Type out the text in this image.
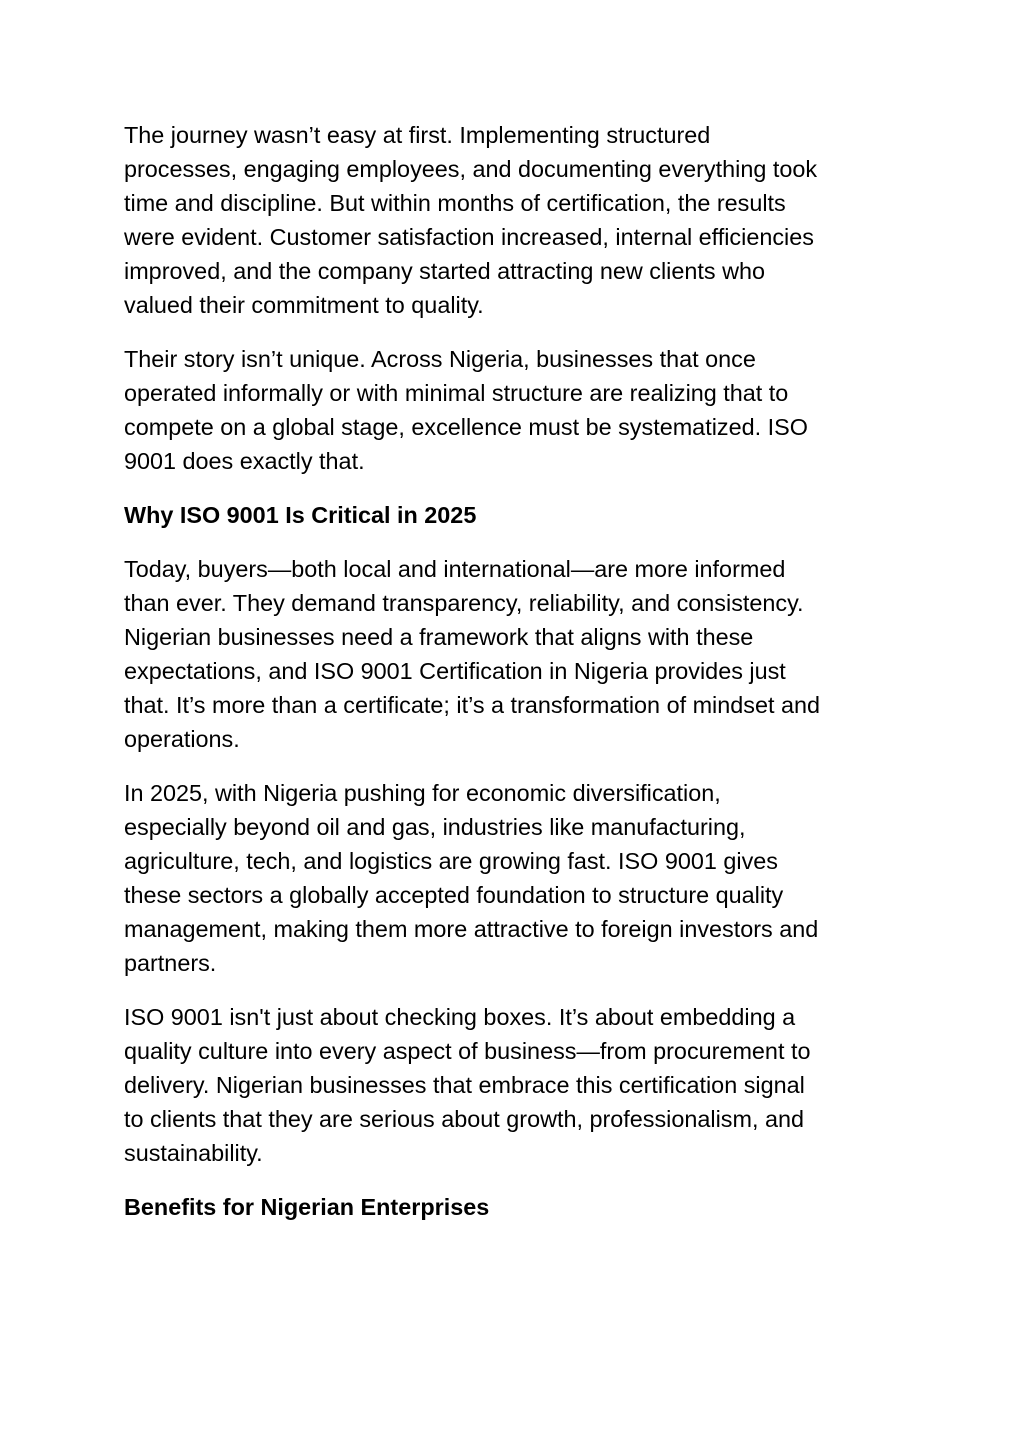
The journey wasn’t easy at first. Implementing structured
processes, engaging employees, and documenting everything took
time and discipline. But within months of certification, the results
were evident. Customer satisfaction increased, internal efficiencies
improved, and the company started attracting new clients who
valued their commitment to quality.

Their story isn’t unique. Across Nigeria, businesses that once
operated informally or with minimal structure are realizing that to
compete on a global stage, excellence must be systematized. ISO
9001 does exactly that.

Why ISO 9001 Is Critical in 2025

Today, buyers—both local and international—are more informed
than ever. They demand transparency, reliability, and consistency.
Nigerian businesses need a framework that aligns with these
expectations, and ISO 9001 Certification in Nigeria provides just
that. It’s more than a certificate; it’s a transformation of mindset and
operations.

In 2025, with Nigeria pushing for economic diversification,
especially beyond oil and gas, industries like manufacturing,
agriculture, tech, and logistics are growing fast. ISO 9001 gives
these sectors a globally accepted foundation to structure quality
management, making them more attractive to foreign investors and
partners.

ISO 9001 isn't just about checking boxes. It’s about embedding a
quality culture into every aspect of business—from procurement to
delivery. Nigerian businesses that embrace this certification signal
to clients that they are serious about growth, professionalism, and
sustainability.

Benefits for Nigerian Enterprises
